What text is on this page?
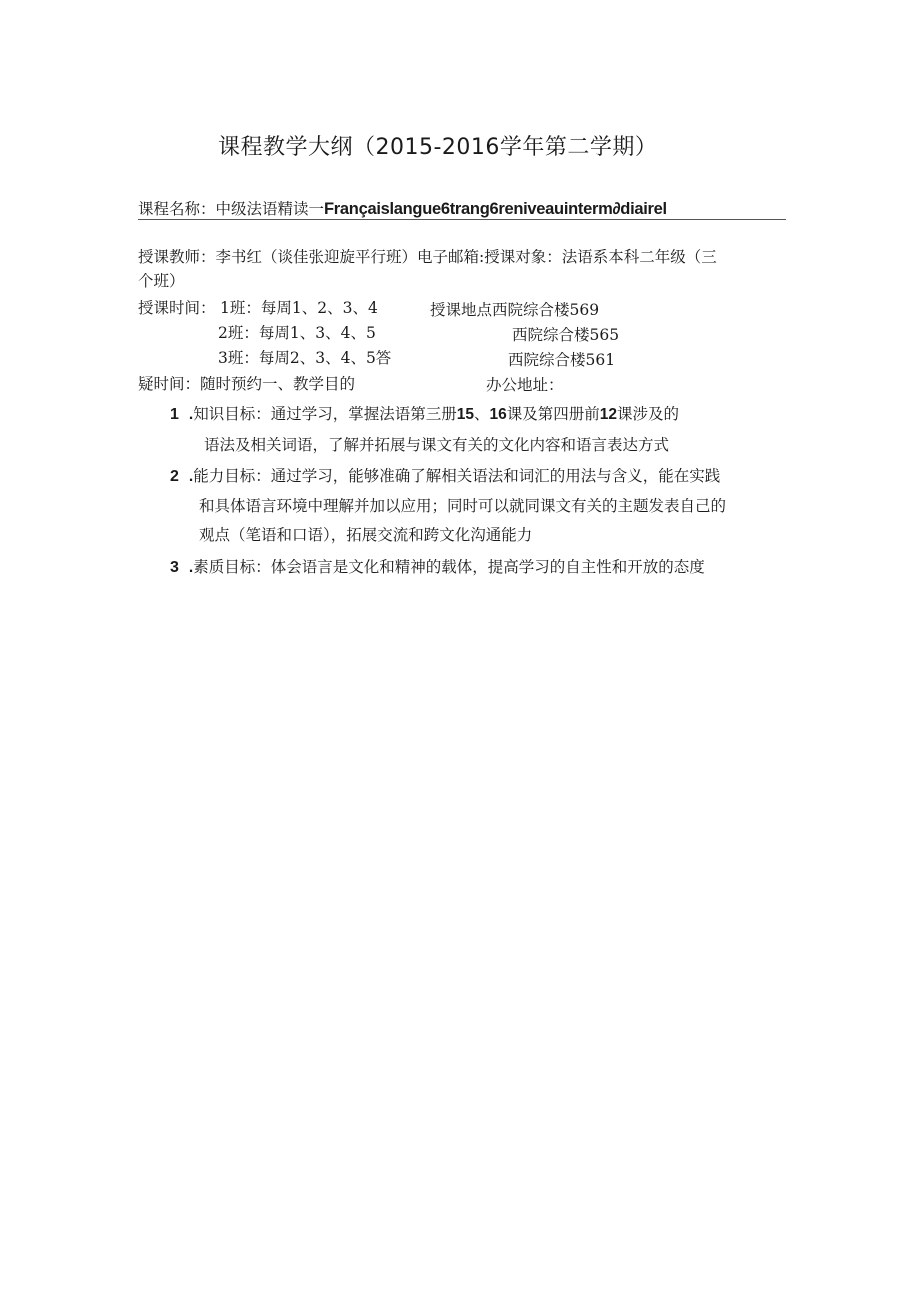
课程教学大纲（2015-2016学年第二学期）
课程名称：中级法语精读一Françaislangue6trang6reniveauinterm∂diairel
授课教师：李书红（谈佳张迎旋平行班）电子邮箱:授课对象：法语系本科二年级（三
个班）
授课时间： 1班：每周1、2、3、4	授课地点西院综合楼569
2班：每周1、3、4、5	西院综合楼565
3班：每周2、3、4、5答	西院综合楼561
疑时间：随时预约一、教学目的	办公地址：
1 .知识目标：通过学习，掌握法语第三册15、16课及第四册前12课涉及的
语法及相关词语，了解并拓展与课文有关的文化内容和语言表达方式
2 .能力目标：通过学习，能够准确了解相关语法和词汇的用法与含义，能在实践
和具体语言环境中理解并加以应用；同时可以就同课文有关的主题发表自己的
观点（笔语和口语），拓展交流和跨文化沟通能力
3 .素质目标：体会语言是文化和精神的载体，提高学习的自主性和开放的态度
